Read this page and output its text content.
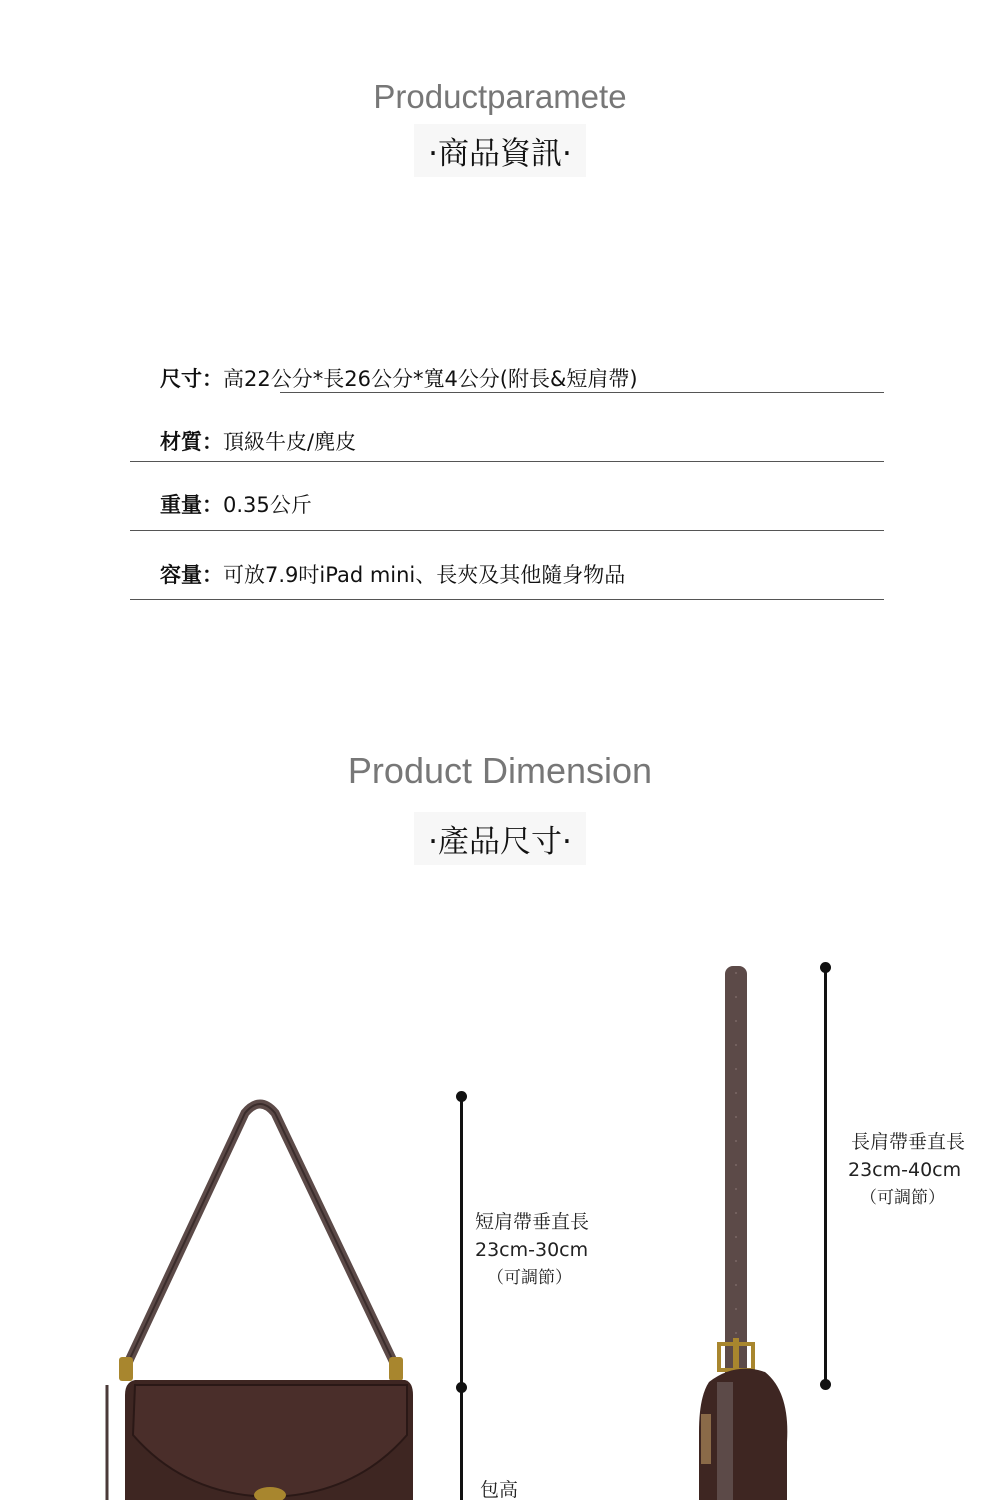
Productparamete
·商品資訊·
尺寸：高22公分*長26公分*寬4公分(附長&短肩帶)
材質：頂級牛皮/麂皮
重量：0.35公斤
容量：可放7.9吋iPad mini、長夾及其他隨身物品
Product Dimension
·產品尺寸·
短肩帶垂直長
23cm-30cm
（可調節）
包高
長肩帶垂直長
23cm-40cm
（可調節）
